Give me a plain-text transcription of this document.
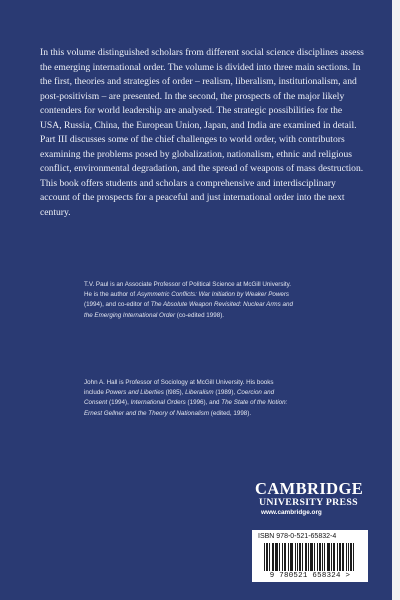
In this volume distinguished scholars from different social science disciplines assess the emerging international order. The volume is divided into three main sections. In the first, theories and strategies of order – realism, liberalism, institutionalism, and post-positivism – are presented. In the second, the prospects of the major likely contenders for world leadership are analysed. The strategic possibilities for the USA, Russia, China, the European Union, Japan, and India are examined in detail. Part III discusses some of the chief challenges to world order, with contributors examining the problems posed by globalization, nationalism, ethnic and religious conflict, environmental degradation, and the spread of weapons of mass destruction. This book offers students and scholars a comprehensive and interdisciplinary account of the prospects for a peaceful and just international order into the next century.

T.V. Paul is an Associate Professor of Political Science at McGill University. He is the author of Asymmetric Conflicts: War Initiation by Weaker Powers (1994), and co-editor of The Absolute Weapon Revisited: Nuclear Arms and the Emerging International Order (co-edited 1998).

John A. Hall is Professor of Sociology at McGill University. His books include Powers and Liberties (l985), Liberalism (1989), Coercion and Consent (1994), International Orders (1996), and The State of the Notion: Ernest Gellner and the Theory of Nationalism (edited, 1998).

CAMBRIDGE
UNIVERSITY PRESS
www.cambridge.org
ISBN 978-0-521-65832-4
9 780521 658324 >
